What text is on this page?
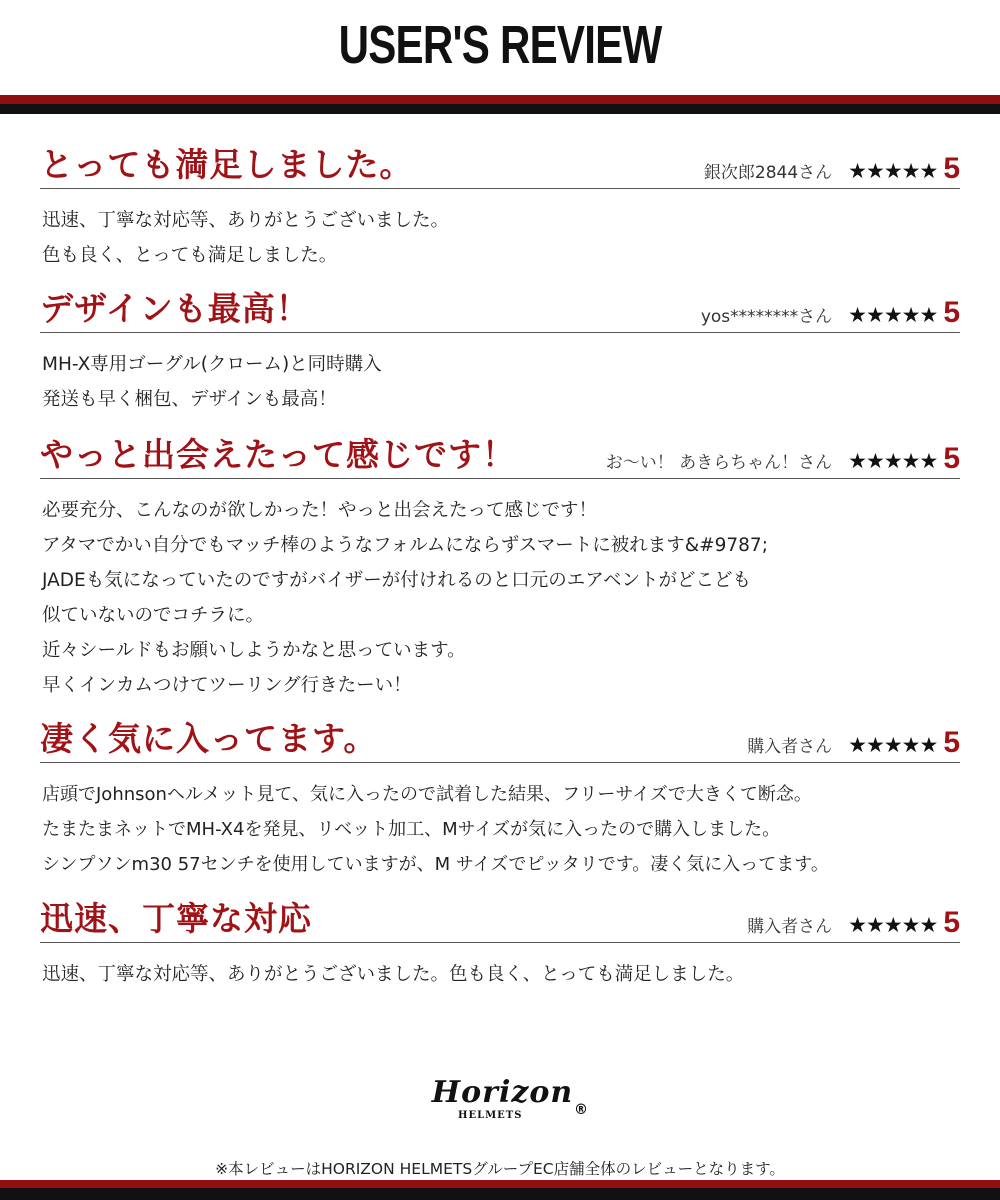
USER'S REVIEW
とっても満足しました。	銀次郎2844さん ★★★★★ 5
迅速、丁寧な対応等、ありがとうございました。
色も良く、とっても満足しました。
デザインも最高！	yos********さん ★★★★★ 5
MH-X専用ゴーグル(クローム)と同時購入
発送も早く梱包、デザインも最高！
やっと出会えたって感じです！	お～い！ あきらちゃん！さん ★★★★★ 5
必要充分、こんなのが欲しかった！やっと出会えたって感じです！
アタマでかい自分でもマッチ棒のようなフォルムにならずスマートに被れます&#9787;
JADEも気になっていたのですがバイザーが付けれるのと口元のエアベントがどこども
似ていないのでコチラに。
近々シールドもお願いしようかなと思っています。
早くインカムつけてツーリング行きたーい！
凄く気に入ってます。	購入者さん ★★★★★ 5
店頭でJohnsonヘルメット見て、気に入ったので試着した結果、フリーサイズで大きくて断念。
たまたまネットでMH-X4を発見、リベット加工、Mサイズが気に入ったので購入しました。
シンプソンm30 57センチを使用していますが、M サイズでピッタリです。凄く気に入ってます。
迅速、丁寧な対応	購入者さん ★★★★★ 5
迅速、丁寧な対応等、ありがとうございました。色も良く、とっても満足しました。
Horizon
HELMETS	®
※本レビューはHORIZON HELMETSグループEC店舗全体のレビューとなります。
